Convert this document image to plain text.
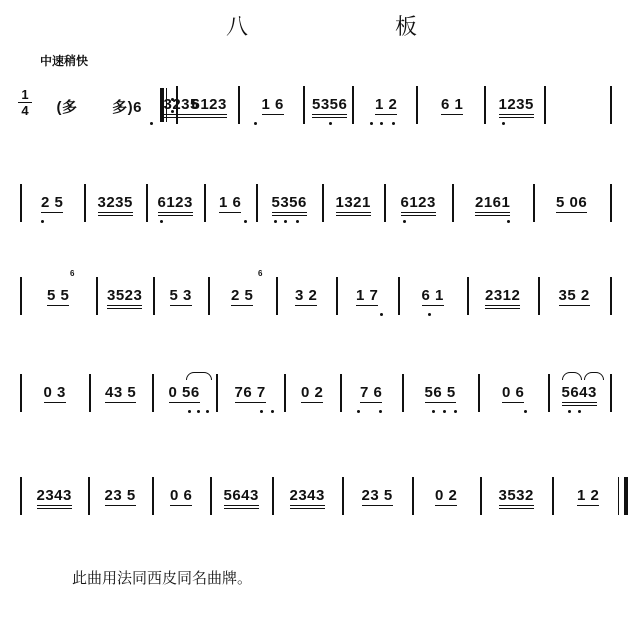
八 板
中速稍快
1
4	(多	多)6	3235
6123 1 6 5356 1 2	6 1 1235
2 5 3235 6123 1 6 5356 1321 6123	2161	5 06
5 5	3523 5 3	2 5	3 2	1 7	6 1	2312	35 2
0 3	43 5 0 56 76 7 0 2 7 6	56 5	0 6 5643
2343 23 5 0 6 5643 2343 23 5	0 2	3532	1 2
6	6
此曲用法同西皮同名曲牌。
